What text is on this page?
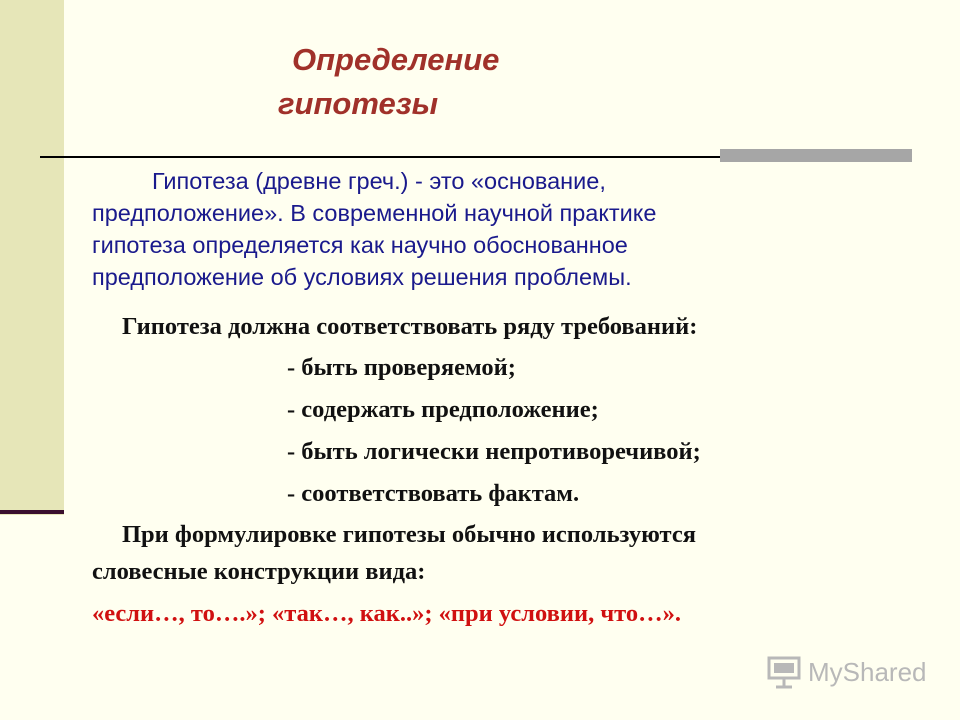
Определение
гипотезы
Гипотеза (древне греч.) - это «основание,
предположение». В современной научной практике
гипотеза определяется как научно обоснованное
предположение об условиях решения проблемы.
Гипотеза должна соответствовать ряду требований:
- быть проверяемой;
- содержать предположение;
- быть логически непротиворечивой;
- соответствовать фактам.
При формулировке гипотезы обычно используются
словесные конструкции вида:
«если…, то….»; «так…, как..»; «при условии, что…».
MyShared
